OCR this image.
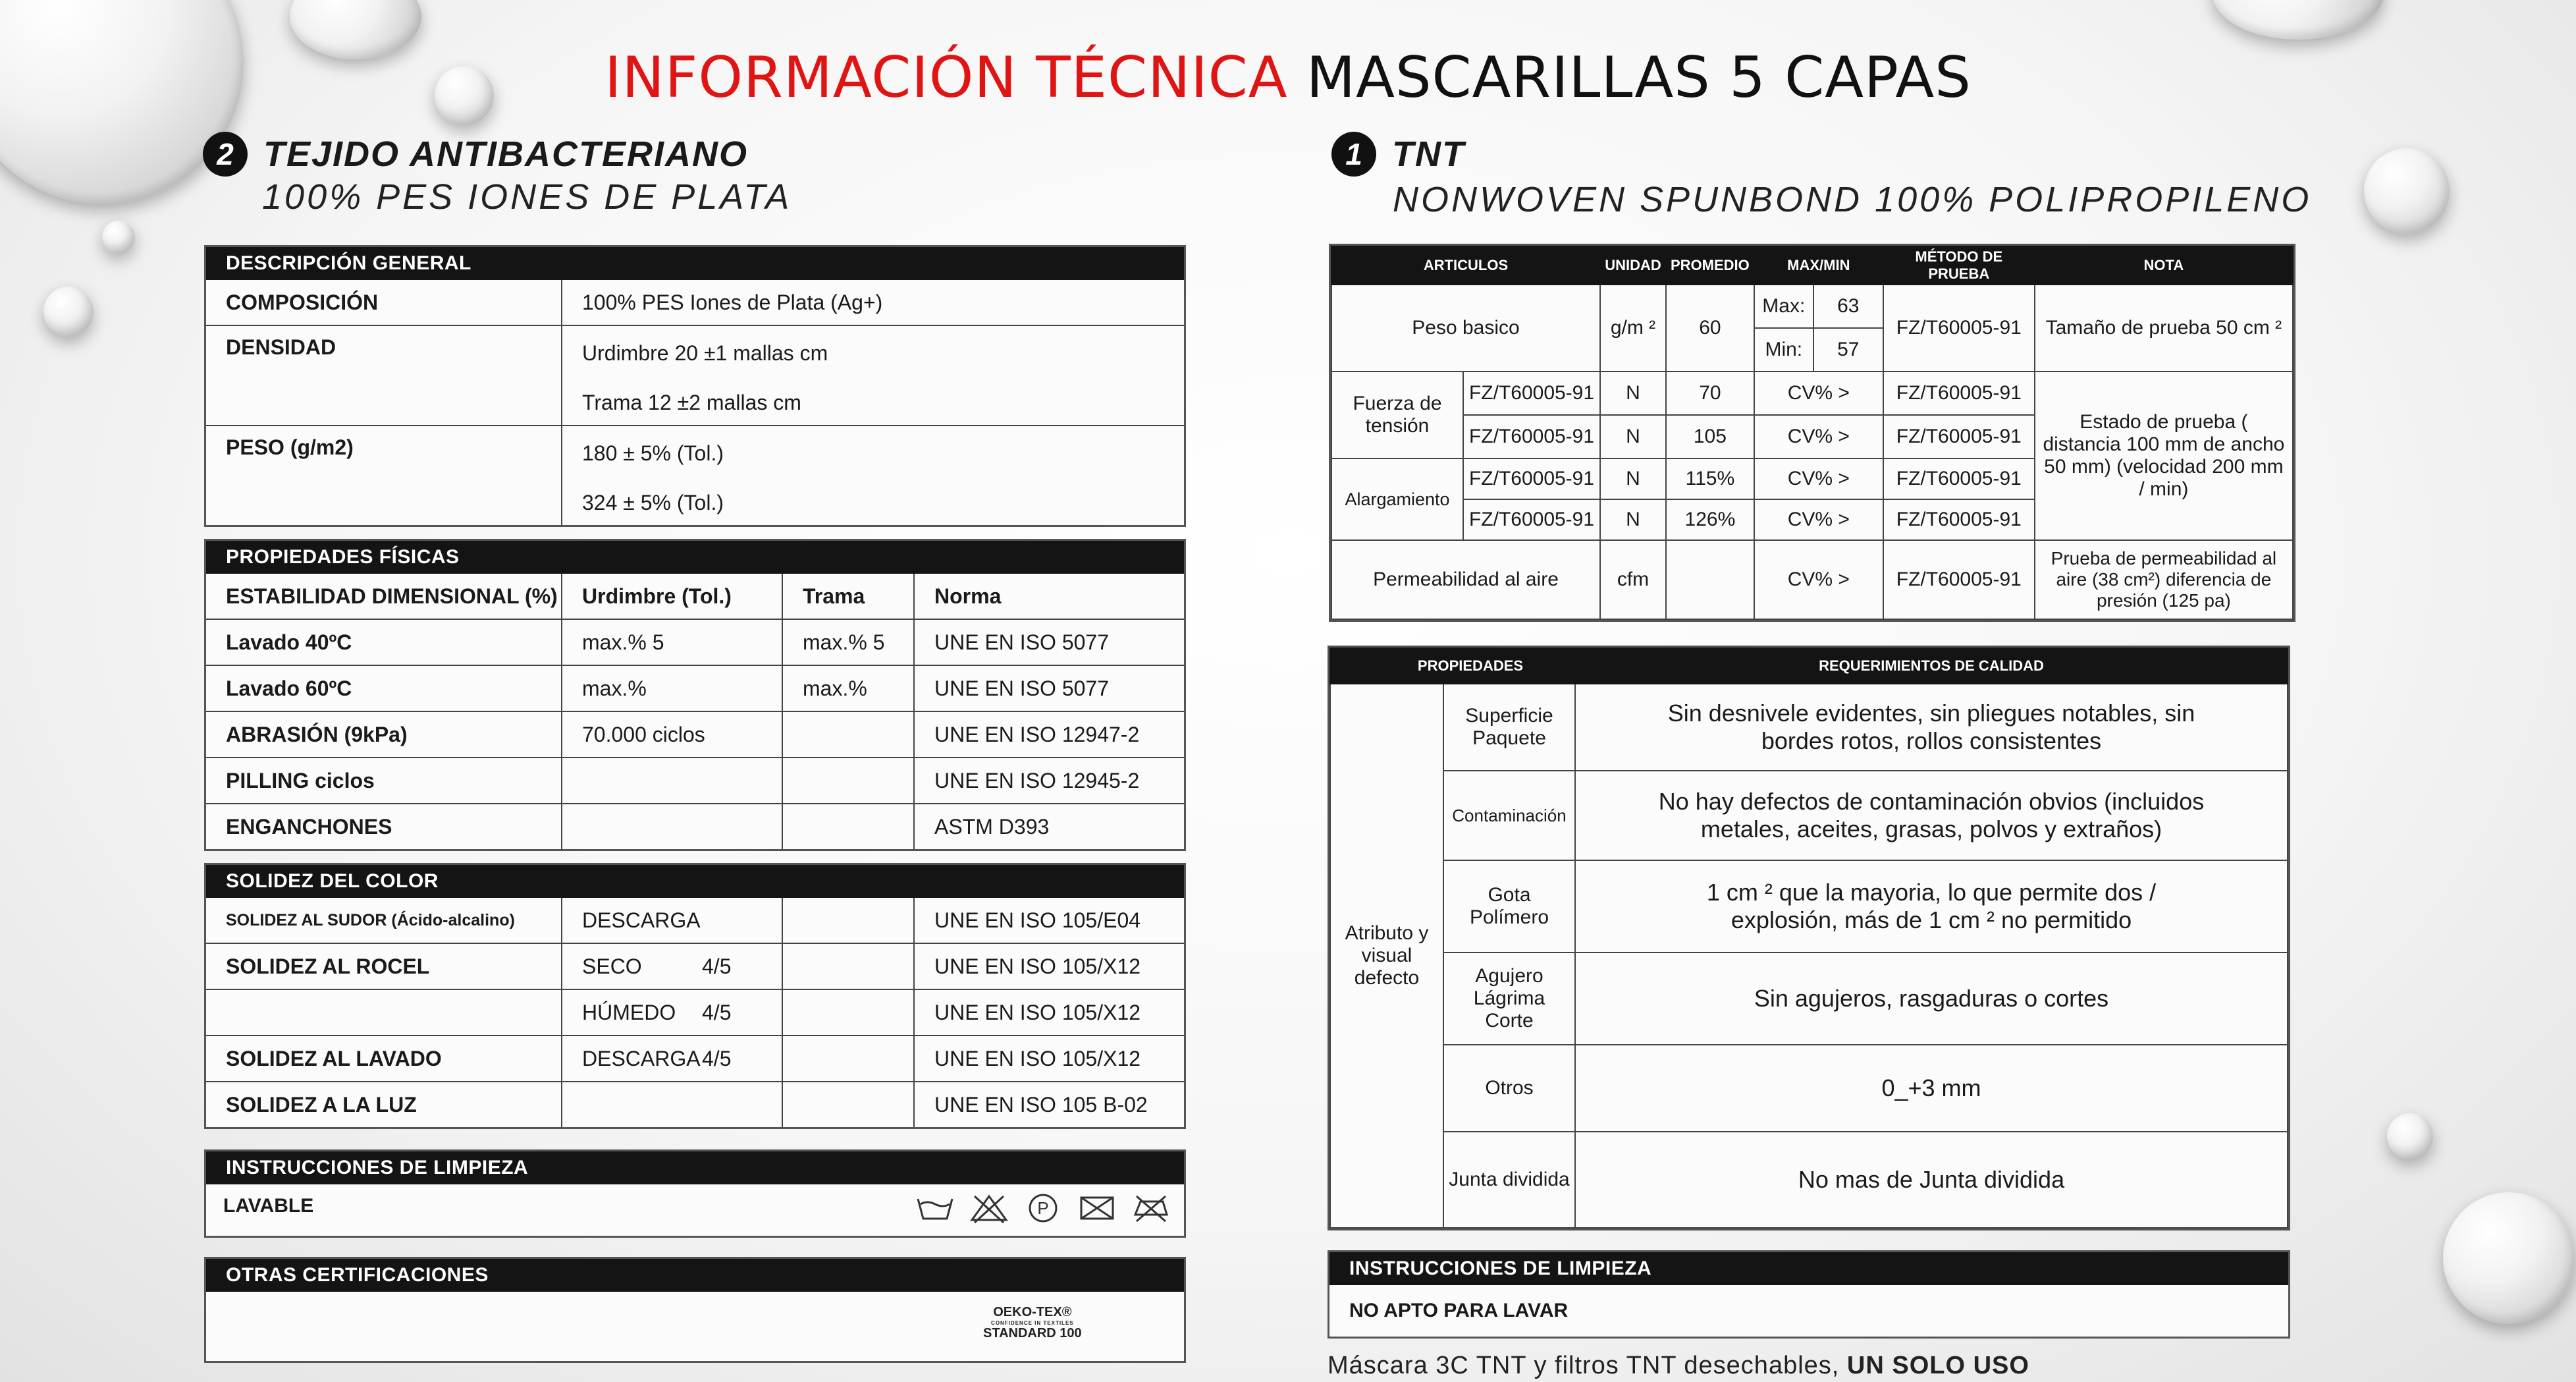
INFORMACIÓN TÉCNICA MASCARILLAS 5 CAPAS
2 TEJIDO ANTIBACTERIANO
100% PES IONES DE PLATA
DESCRIPCIÓN GENERAL
COMPOSICIÓN	100% PES Iones de Plata (Ag+)
DENSIDAD	Urdimbre 20 ±1 mallas cm
	Trama 12 ±2 mallas cm
PESO (g/m2)	180 ± 5% (Tol.)
	324 ± 5% (Tol.)
PROPIEDADES FÍSICAS
ESTABILIDAD DIMENSIONAL (%)	Urdimbre (Tol.)	Trama	Norma
Lavado 40ºC	max.% 5	max.% 5	UNE EN ISO 5077
Lavado 60ºC	max.%	max.%	UNE EN ISO 5077
ABRASIÓN (9kPa)	70.000 ciclos		UNE EN ISO 12947-2
PILLING ciclos			UNE EN ISO 12945-2
ENGANCHONES			ASTM D393
SOLIDEZ DEL COLOR
SOLIDEZ AL SUDOR (Ácido-alcalino)	DESCARGA			UNE EN ISO 105/E04
SOLIDEZ AL ROCEL	SECO	4/5		UNE EN ISO 105/X12
	HÚMEDO	4/5		UNE EN ISO 105/X12
SOLIDEZ AL LAVADO	DESCARGA	4/5		UNE EN ISO 105/X12
SOLIDEZ A LA LUZ				UNE EN ISO 105 B-02
INSTRUCCIONES DE LIMPIEZA
LAVABLE	P
OTRAS CERTIFICACIONES
OEKO-TEX®
CONFIDENCE IN TEXTILES
STANDARD 100
1 TNT
NONWOVEN SPUNBOND 100% POLIPROPILENO
ARTICULOS		UNIDAD	PROMEDIO	MAX/MIN		MÉTODO DE PRUEBA	NOTA
Peso basico		g/m ²	60	Max:	63	FZ/T60005-91	Tamaño de prueba 50 cm ²
				Min:	57		
Fuerza de tensión	FZ/T60005-91	N	70	CV% >		FZ/T60005-91	Estado de prueba ( distancia 100 mm de ancho 50 mm) (velocidad 200 mm / min)
	FZ/T60005-91	N	105	CV% >		FZ/T60005-91	
Alargamiento	FZ/T60005-91	N	115%	CV% >		FZ/T60005-91	
	FZ/T60005-91	N	126%	CV% >		FZ/T60005-91	
Permeabilidad al aire		cfm		CV% >		FZ/T60005-91	Prueba de permeabilidad al aire (38 cm²) diferencia de presión (125 pa)
PROPIEDADES		REQUERIMIENTOS DE CALIDAD
Atributo y visual defecto	Superficie Paquete	Sin desnivele evidentes, sin pliegues notables, sin bordes rotos, rollos consistentes
	Contaminación	No hay defectos de contaminación obvios (incluidos metales, aceites, grasas, polvos y extraños)
	Gota Polímero	1 cm ² que la mayoria, lo que permite dos / explosión, más de 1 cm ² no permitido
	Agujero Lágrima Corte	Sin agujeros, rasgaduras o cortes
	Otros	0_+3 mm
	Junta dividida	No mas de Junta dividida
INSTRUCCIONES DE LIMPIEZA
NO APTO PARA LAVAR
Máscara 3C TNT y filtros TNT desechables, UN SOLO USO
